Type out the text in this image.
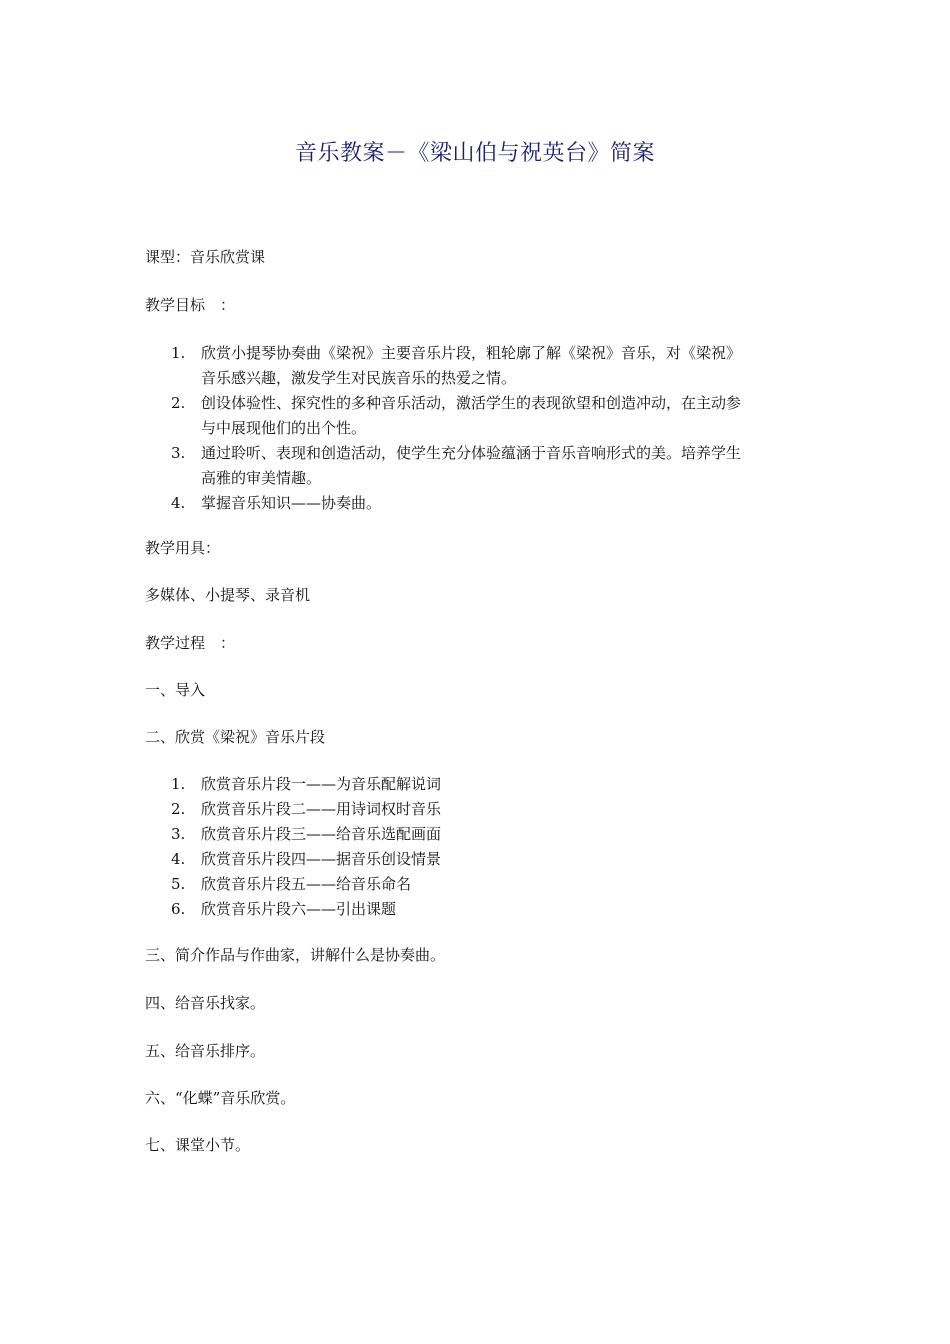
音乐教案－《梁山伯与祝英台》简案
课型：音乐欣赏课
教学目标　：
1. 欣赏小提琴协奏曲《梁祝》主要音乐片段，粗轮廓了解《梁祝》音乐，对《梁祝》
音乐感兴趣，激发学生对民族音乐的热爱之情。
2. 创设体验性、探究性的多种音乐活动，激活学生的表现欲望和创造冲动，在主动参
与中展现他们的出个性。
3. 通过聆听、表现和创造活动，使学生充分体验蕴涵于音乐音响形式的美。培养学生
高雅的审美情趣。
4. 掌握音乐知识——协奏曲。
教学用具：
多媒体、小提琴、录音机
教学过程　：
一、导入
二、欣赏《梁祝》音乐片段
1. 欣赏音乐片段一——为音乐配解说词
2. 欣赏音乐片段二——用诗词权时音乐
3. 欣赏音乐片段三——给音乐选配画面
4. 欣赏音乐片段四——据音乐创设情景
5. 欣赏音乐片段五——给音乐命名
6. 欣赏音乐片段六——引出课题
三、简介作品与作曲家，讲解什么是协奏曲。
四、给音乐找家。
五、给音乐排序。
六、“化蝶”音乐欣赏。
七、课堂小节。
